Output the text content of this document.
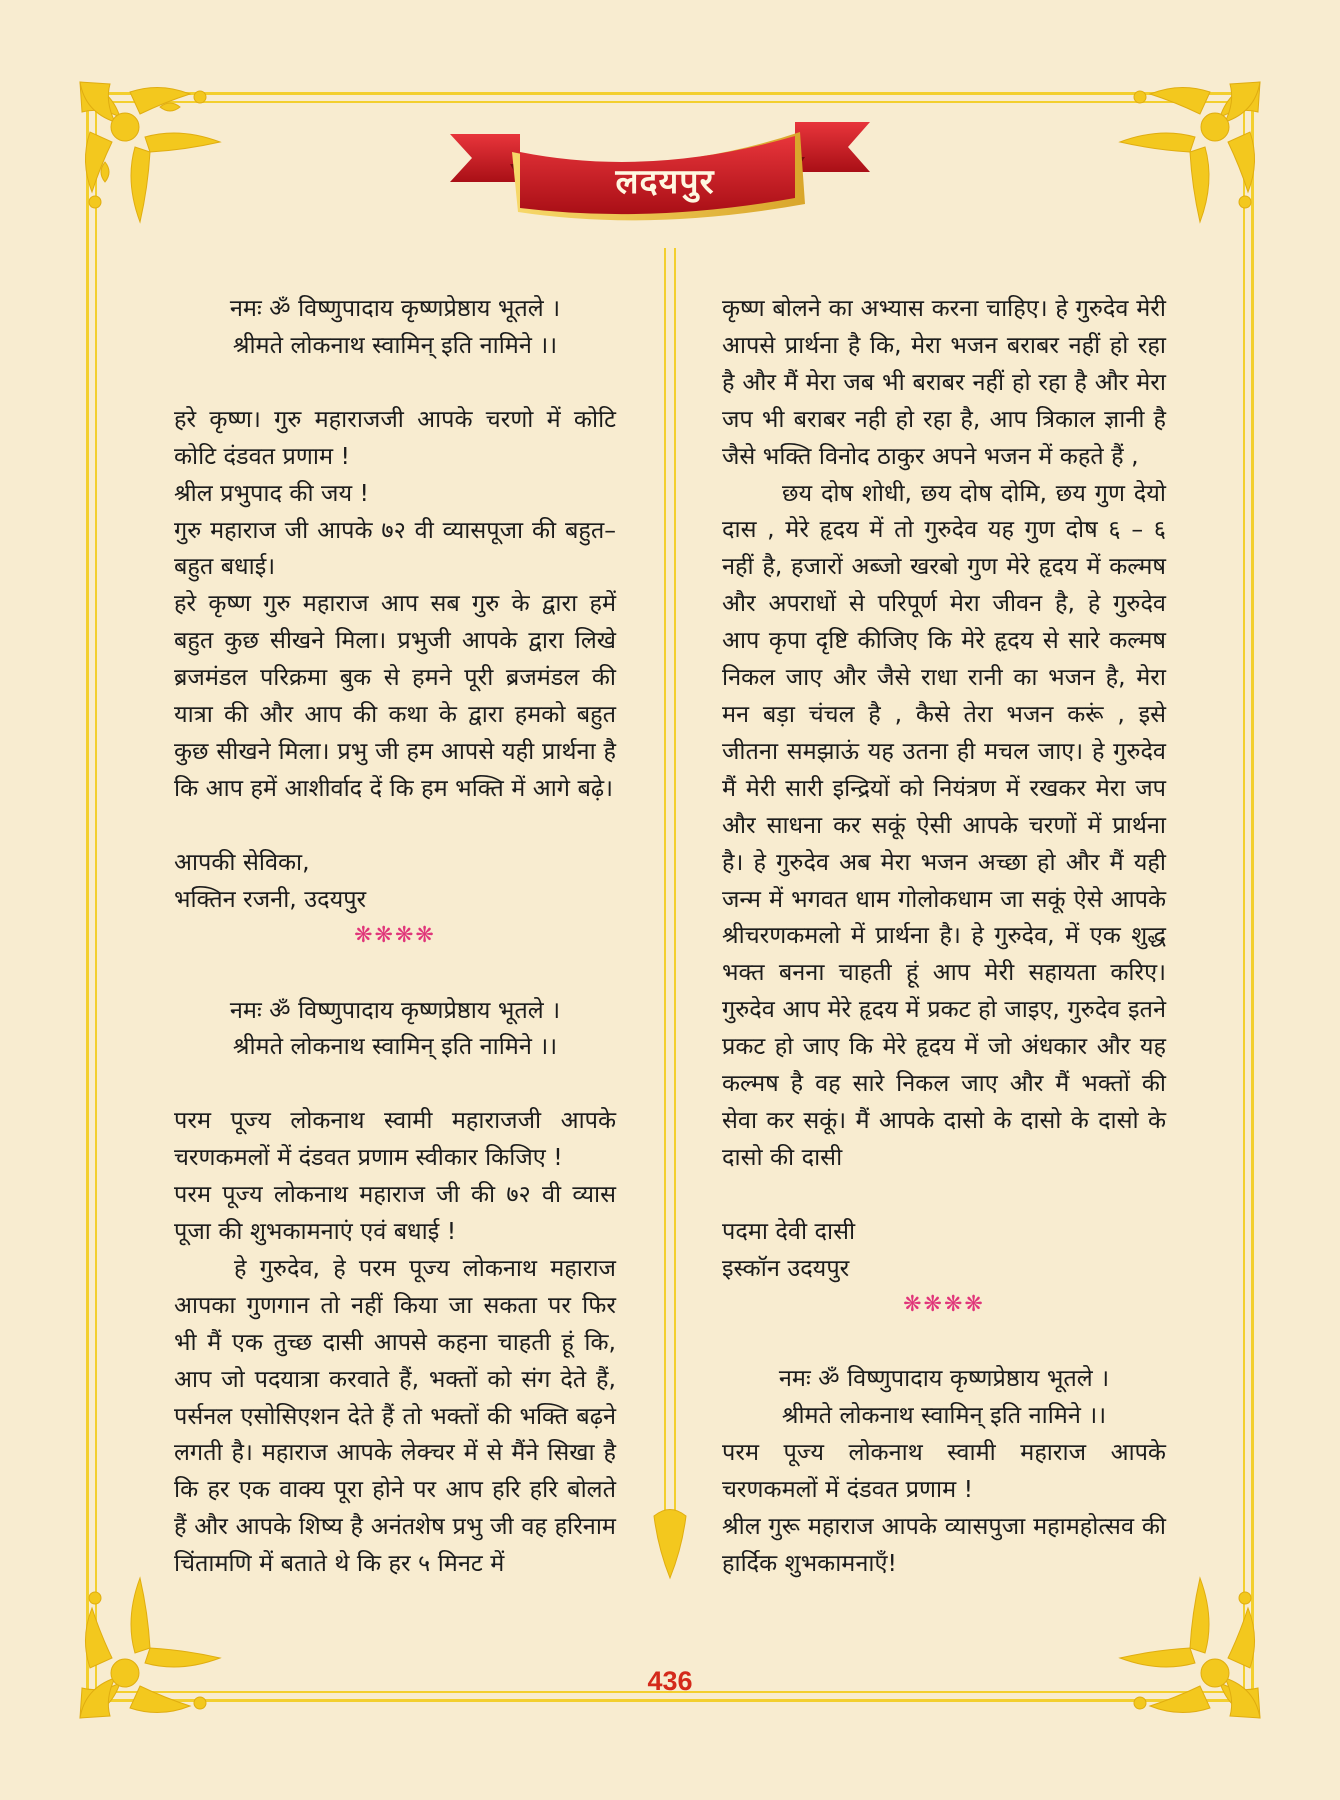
लदयपुर

नमः ॐ विष्णुपादाय कृष्णप्रेष्ठाय भूतले ।

श्रीमते लोकनाथ स्वामिन् इति नामिने ।।

हरे कृष्ण। गुरु महाराजजी आपके चरणो में कोटि कोटि दंडवत प्रणाम !

श्रील प्रभुपाद की जय !

गुरु महाराज जी आपके ७२ वी व्यासपूजा की बहुत–बहुत बधाई।

हरे कृष्ण गुरु महाराज आप सब गुरु के द्वारा हमें बहुत कुछ सीखने मिला। प्रभुजी आपके द्वारा लिखे ब्रजमंडल परिक्रमा बुक से हमने पूरी ब्रजमंडल की यात्रा की और आप की कथा के द्वारा हमको बहुत कुछ सीखने मिला। प्रभु जी हम आपसे यही प्रार्थना है कि आप हमें आशीर्वाद दें कि हम भक्ति में आगे बढ़े।

आपकी सेविका,

भक्तिन रजनी, उदयपुर

❋❋❋❋

नमः ॐ विष्णुपादाय कृष्णप्रेष्ठाय भूतले ।

श्रीमते लोकनाथ स्वामिन् इति नामिने ।।

परम पूज्य लोकनाथ स्वामी महाराजजी आपके चरणकमलों में दंडवत प्रणाम स्वीकार किजिए !

परम पूज्य लोकनाथ महाराज जी की ७२ वी व्यास पूजा की शुभकामनाएं एवं बधाई !

हे गुरुदेव, हे परम पूज्य लोकनाथ महाराज आपका गुणगान तो नहीं किया जा सकता पर फिर भी मैं एक तुच्छ दासी आपसे कहना चाहती हूं कि, आप जो पदयात्रा करवाते हैं, भक्तों को संग देते हैं, पर्सनल एसोसिएशन देते हैं तो भक्तों की भक्ति बढ़ने लगती है। महाराज आपके लेक्चर में से मैंने सिखा है कि हर एक वाक्य पूरा होने पर आप हरि हरि बोलते हैं और आपके शिष्य है अनंतशेष प्रभु जी वह हरिनाम चिंतामणि में बताते थे कि हर ५ मिनट में

कृष्ण बोलने का अभ्यास करना चाहिए। हे गुरुदेव मेरी आपसे प्रार्थना है कि, मेरा भजन बराबर नहीं हो रहा है और मैं मेरा जब भी बराबर नहीं हो रहा है और मेरा जप भी बराबर नही हो रहा है, आप त्रिकाल ज्ञानी है जैसे भक्ति विनोद ठाकुर अपने भजन में कहते हैं ,

छय दोष शोधी, छय दोष दोमि, छय गुण देयो दास , मेरे हृदय में तो गुरुदेव यह गुण दोष ६ – ६ नहीं है, हजारों अब्जो खरबो गुण मेरे हृदय में कल्मष और अपराधों से परिपूर्ण मेरा जीवन है, हे गुरुदेव आप कृपा दृष्टि कीजिए कि मेरे हृदय से सारे कल्मष निकल जाए और जैसे राधा रानी का भजन है, मेरा मन बड़ा चंचल है , कैसे तेरा भजन करूं , इसे जीतना समझाऊं यह उतना ही मचल जाए। हे गुरुदेव मैं मेरी सारी इन्द्रियों को नियंत्रण में रखकर मेरा जप और साधना कर सकूं ऐसी आपके चरणों में प्रार्थना है। हे गुरुदेव अब मेरा भजन अच्छा हो और मैं यही जन्म में भगवत धाम गोलोकधाम जा सकूं ऐसे आपके श्रीचरणकमलो में प्रार्थना है। हे गुरुदेव, में एक शुद्ध भक्त बनना चाहती हूं आप मेरी सहायता करिए। गुरुदेव आप मेरे हृदय में प्रकट हो जाइए, गुरुदेव इतने प्रकट हो जाए कि मेरे हृदय में जो अंधकार और यह कल्मष है वह सारे निकल जाए और मैं भक्तों की सेवा कर सकूं। मैं आपके दासो के दासो के दासो के दासो की दासी

पदमा देवी दासी

इस्कॉन उदयपुर

❋❋❋❋

नमः ॐ विष्णुपादाय कृष्णप्रेष्ठाय भूतले ।

श्रीमते लोकनाथ स्वामिन् इति नामिने ।।

परम पूज्य लोकनाथ स्वामी महाराज आपके चरणकमलों में दंडवत प्रणाम !

श्रील गुरू महाराज आपके व्यासपुजा महामहोत्सव की हार्दिक शुभकामनाएँ!

436
